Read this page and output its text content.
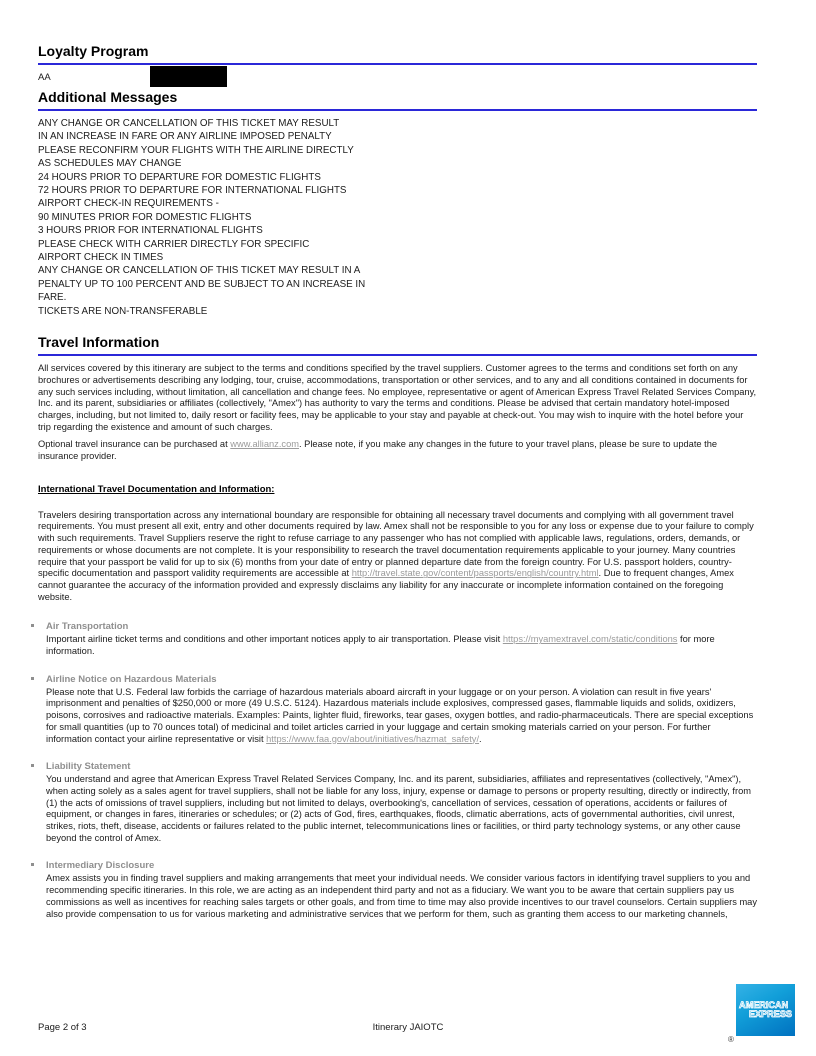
Loyalty Program
AA
Additional Messages
ANY CHANGE OR CANCELLATION OF THIS TICKET MAY RESULT
IN AN INCREASE IN FARE OR ANY AIRLINE IMPOSED PENALTY
PLEASE RECONFIRM YOUR FLIGHTS WITH THE AIRLINE DIRECTLY
AS SCHEDULES MAY CHANGE
24 HOURS PRIOR TO DEPARTURE FOR DOMESTIC FLIGHTS
72 HOURS PRIOR TO DEPARTURE FOR INTERNATIONAL FLIGHTS
AIRPORT CHECK-IN REQUIREMENTS -
90 MINUTES PRIOR FOR DOMESTIC FLIGHTS
3 HOURS PRIOR FOR INTERNATIONAL FLIGHTS
PLEASE CHECK WITH CARRIER DIRECTLY FOR SPECIFIC
AIRPORT CHECK IN TIMES
ANY CHANGE OR CANCELLATION OF THIS TICKET MAY RESULT IN A
PENALTY UP TO 100 PERCENT AND BE SUBJECT TO AN INCREASE IN
FARE.
TICKETS ARE NON-TRANSFERABLE
Travel Information
All services covered by this itinerary are subject to the terms and conditions specified by the travel suppliers. Customer agrees to the terms and conditions set forth on any brochures or advertisements describing any lodging, tour, cruise, accommodations, transportation or other services, and to any and all conditions contained in documents for any such services including, without limitation, all cancellation and change fees. No employee, representative or agent of American Express Travel Related Services Company, Inc. and its parent, subsidiaries or affiliates (collectively, "Amex") has authority to vary the terms and conditions. Please be advised that certain mandatory hotel-imposed charges, including, but not limited to, daily resort or facility fees, may be applicable to your stay and payable at check-out. You may wish to inquire with the hotel before your trip regarding the existence and amount of such charges.
Optional travel insurance can be purchased at www.allianz.com. Please note, if you make any changes in the future to your travel plans, please be sure to update the insurance provider.
International Travel Documentation and Information:
Travelers desiring transportation across any international boundary are responsible for obtaining all necessary travel documents and complying with all government travel requirements. You must present all exit, entry and other documents required by law. Amex shall not be responsible to you for any loss or expense due to your failure to comply with such requirements. Travel Suppliers reserve the right to refuse carriage to any passenger who has not complied with applicable laws, regulations, orders, demands, or requirements or whose documents are not complete. It is your responsibility to research the travel documentation requirements applicable to your journey. Many countries require that your passport be valid for up to six (6) months from your date of entry or planned departure date from the foreign country. For U.S. passport holders, country-specific documentation and passport validity requirements are accessible at http://travel.state.gov/content/passports/english/country.html. Due to frequent changes, Amex cannot guarantee the accuracy of the information provided and expressly disclaims any liability for any inaccurate or incomplete information contained on the foregoing website.
Air Transportation
Important airline ticket terms and conditions and other important notices apply to air transportation. Please visit https://myamextravel.com/static/conditions for more information.
Airline Notice on Hazardous Materials
Please note that U.S. Federal law forbids the carriage of hazardous materials aboard aircraft in your luggage or on your person. A violation can result in five years' imprisonment and penalties of $250,000 or more (49 U.S.C. 5124). Hazardous materials include explosives, compressed gases, flammable liquids and solids, oxidizers, poisons, corrosives and radioactive materials. Examples: Paints, lighter fluid, fireworks, tear gases, oxygen bottles, and radio-pharmaceuticals. There are special exceptions for small quantities (up to 70 ounces total) of medicinal and toilet articles carried in your luggage and certain smoking materials carried on your person. For further information contact your airline representative or visit https://www.faa.gov/about/initiatives/hazmat_safety/.
Liability Statement
You understand and agree that American Express Travel Related Services Company, Inc. and its parent, subsidiaries, affiliates and representatives (collectively, "Amex"), when acting solely as a sales agent for travel suppliers, shall not be liable for any loss, injury, expense or damage to persons or property resulting, directly or indirectly, from (1) the acts of omissions of travel suppliers, including but not limited to delays, overbooking's, cancellation of services, cessation of operations, accidents or failures of equipment, or changes in fares, itineraries or schedules; or (2) acts of God, fires, earthquakes, floods, climatic aberrations, acts of governmental authorities, civil unrest, strikes, riots, theft, disease, accidents or failures related to the public internet, telecommunications lines or facilities, or third party technology systems, or any other cause beyond the control of Amex.
Intermediary Disclosure
Amex assists you in finding travel suppliers and making arrangements that meet your individual needs. We consider various factors in identifying travel suppliers to you and recommending specific itineraries. In this role, we are acting as an independent third party and not as a fiduciary. We want you to be aware that certain suppliers pay us commissions as well as incentives for reaching sales targets or other goals, and from time to time may also provide incentives to our travel counselors. Certain suppliers may also provide compensation to us for various marketing and administrative services that we perform for them, such as granting them access to our marketing channels,
Page 2 of 3	Itinerary JAIOTC
AMERICAN
EXPRESS
®
